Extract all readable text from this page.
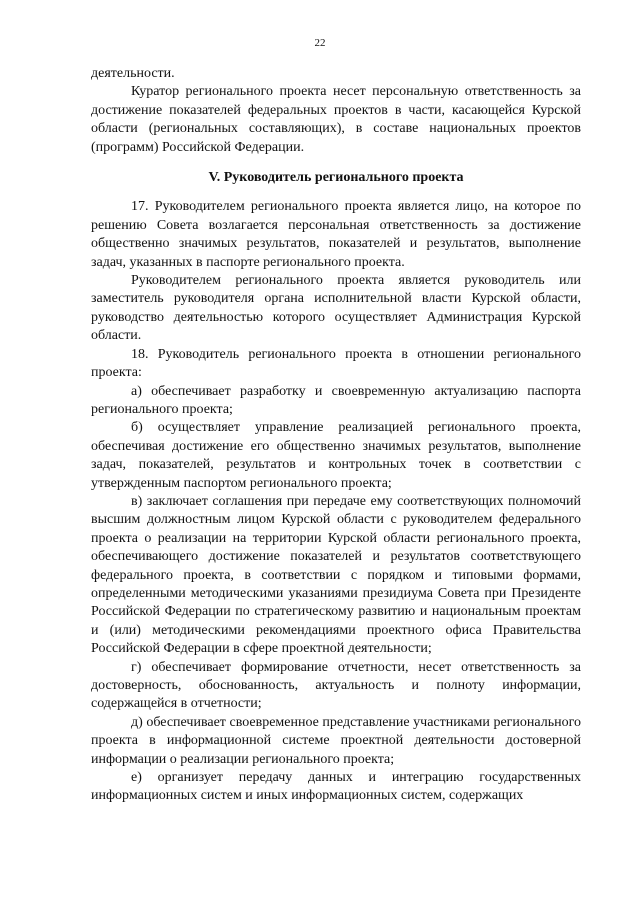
22

деятельности.

Куратор регионального проекта несет персональную ответственность за достижение показателей федеральных проектов в части, касающейся Курской области (региональных составляющих), в составе национальных проектов (программ) Российской Федерации.

V. Руководитель регионального проекта

17. Руководителем регионального проекта является лицо, на которое по решению Совета возлагается персональная ответственность за достижение общественно значимых результатов, показателей и результатов, выполнение задач, указанных в паспорте регионального проекта.

Руководителем регионального проекта является руководитель или заместитель руководителя органа исполнительной власти Курской области, руководство деятельностью которого осуществляет Администрация Курской области.

18. Руководитель регионального проекта в отношении регионального проекта:

а) обеспечивает разработку и своевременную актуализацию паспорта регионального проекта;

б) осуществляет управление реализацией регионального проекта, обеспечивая достижение его общественно значимых результатов, выполнение задач, показателей, результатов и контрольных точек в соответствии с утвержденным паспортом регионального проекта;

в) заключает соглашения при передаче ему соответствующих полномочий высшим должностным лицом Курской области с руководителем федерального проекта о реализации на территории Курской области регионального проекта, обеспечивающего достижение показателей и результатов соответствующего федерального проекта, в соответствии с порядком и типовыми формами, определенными методическими указаниями президиума Совета при Президенте Российской Федерации по стратегическому развитию и национальным проектам и (или) методическими рекомендациями проектного офиса Правительства Российской Федерации в сфере проектной деятельности;

г) обеспечивает формирование отчетности, несет ответственность за достоверность, обоснованность, актуальность и полноту информации, содержащейся в отчетности;

д) обеспечивает своевременное представление участниками регионального проекта в информационной системе проектной деятельности достоверной информации о реализации регионального проекта;

е) организует передачу данных и интеграцию государственных информационных систем и иных информационных систем, содержащих
